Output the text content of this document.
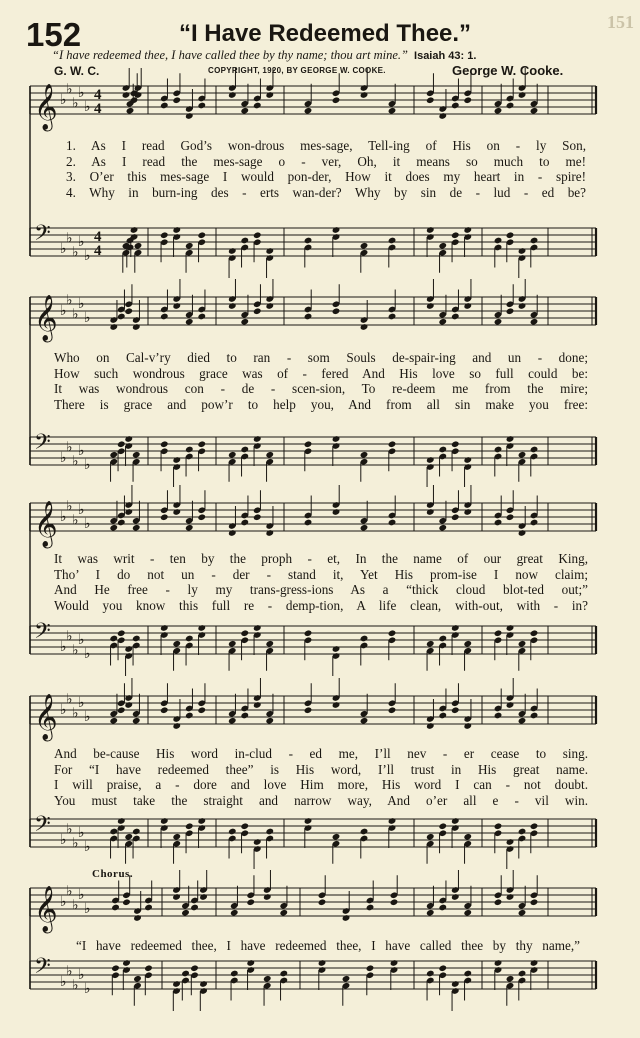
152	“I Have Redeemed Thee.”	151
“I have redeemed thee, I have called thee by thy name; thou art mine.” Isaiah 43: 1.
G. W. C.	COPYRIGHT, 1920, BY GEORGE W. COOKE.	George W. Cooke.
𝄞 ♭
♭
♭
♭
♭
4
4
𝄢 ♭
♭
♭
♭
♭
4
4
𝄞 ♭
♭
♭
♭
♭
𝄢 ♭
♭
♭
♭
♭
𝄞 ♭
♭
♭
♭
♭
𝄢 ♭
♭
♭
♭
♭
𝄞 ♭
♭
♭
♭
♭
𝄢 ♭
♭
♭
♭
♭
𝄞 ♭
♭
♭
♭
♭
𝄢 ♭
♭
♭
♭
♭
1. As I read God’s won-drous mes-sage, Tell-ing of His on - ly Son,
2. As I read the mes-sage o - ver, Oh, it means so much to me!
3. O’er this mes-sage I would pon-der, How it does my heart in - spire!
4. Why in burn-ing des - erts wan-der? Why by sin de - lud - ed be?
Who on Cal-v’ry died to ran - som Souls de-spair-ing and un - done;
How such wondrous grace was of - fered And His love so full could be:
It was wondrous con - de - scen-sion, To re-deem me from the mire;
There is grace and pow’r to help you, And from all sin make you free:
It was writ - ten by the proph - et, In the name of our great King,
Tho’ I do not un - der - stand it, Yet His prom-ise I now claim;
And He free - ly my trans-gress-ions As a “thick cloud blot-ted out;”
Would you know this full re - demp-tion, A life clean, with-out, with - in?
And be-cause His word in-clud - ed me, I’ll nev - er cease to sing.
For “I have redeemed thee” is His word, I’ll trust in His great name.
I will praise, a - dore and love Him more, His word I can - not doubt.
You must take the straight and narrow way, And o’er all e - vil win.
Chorus.
“I have redeemed thee, I have redeemed thee, I have called thee by thy name,”
